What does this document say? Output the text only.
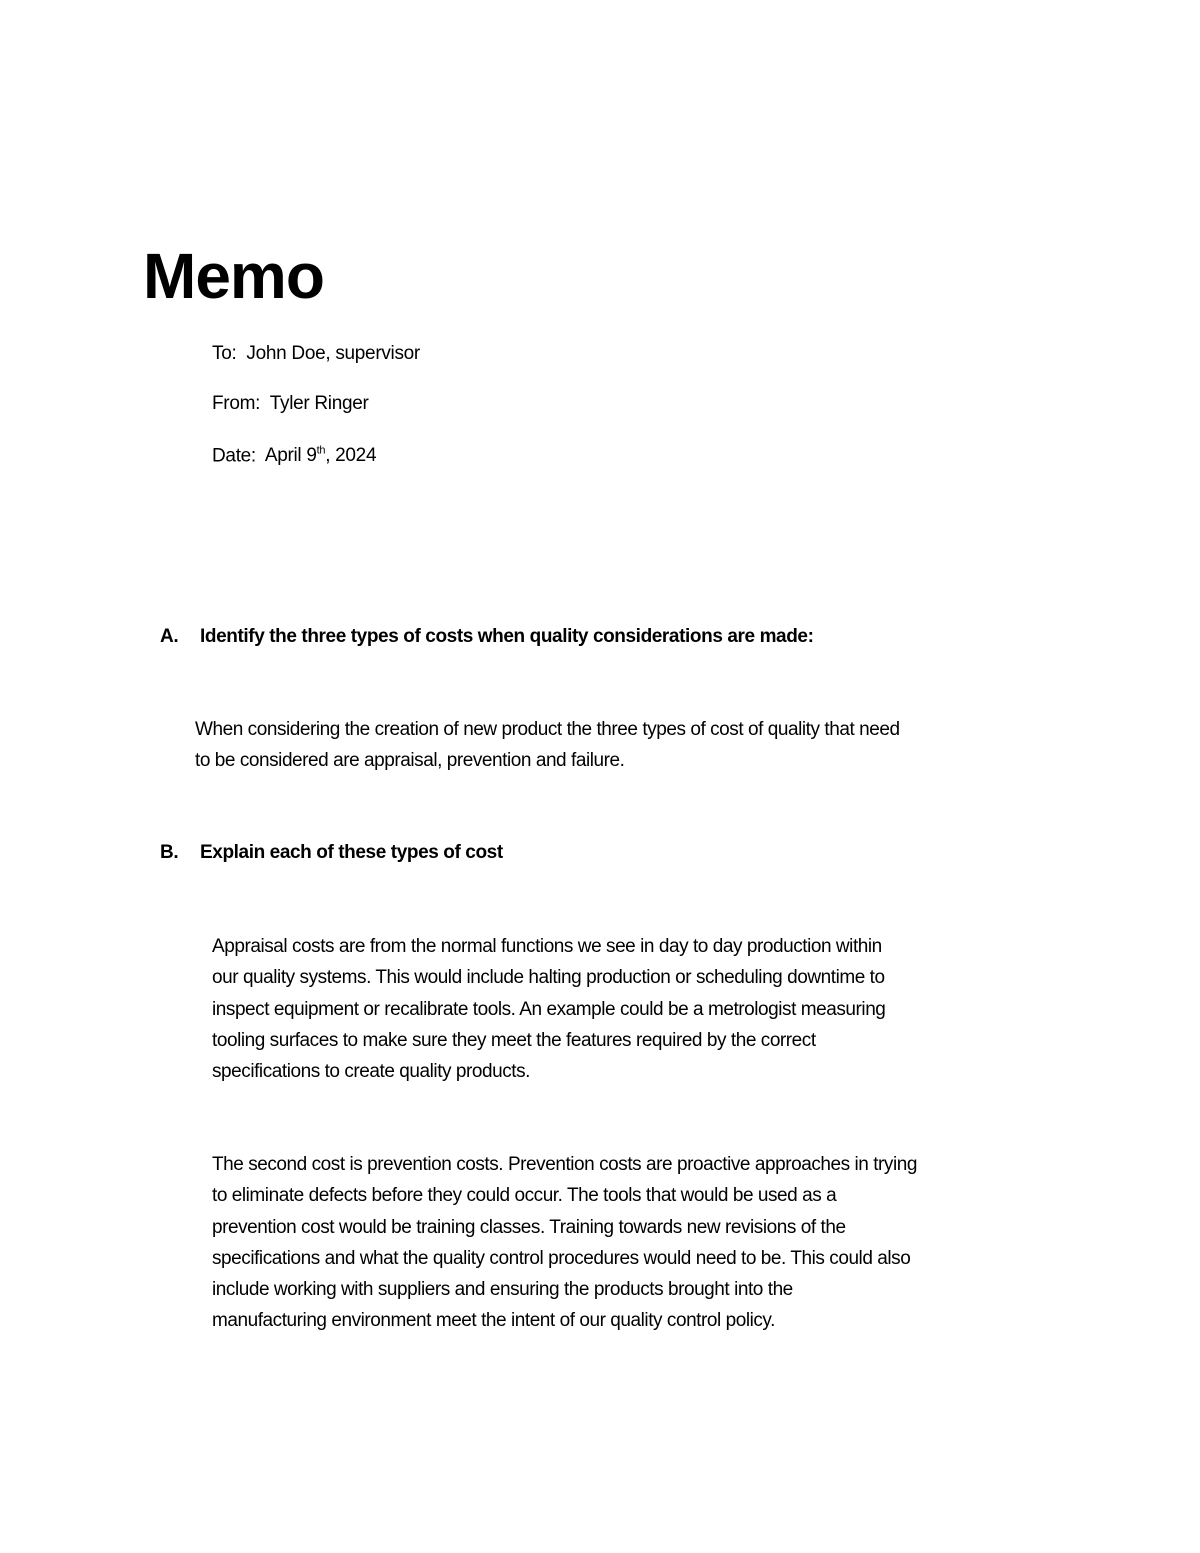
Memo
To: John Doe, supervisor
From: Tyler Ringer
Date: April 9th, 2024
A. Identify the three types of costs when quality considerations are made:
When considering the creation of new product the three types of cost of quality that need
to be considered are appraisal, prevention and failure.
B. Explain each of these types of cost
Appraisal costs are from the normal functions we see in day to day production within
our quality systems. This would include halting production or scheduling downtime to
inspect equipment or recalibrate tools. An example could be a metrologist measuring
tooling surfaces to make sure they meet the features required by the correct
specifications to create quality products.
The second cost is prevention costs. Prevention costs are proactive approaches in trying
to eliminate defects before they could occur. The tools that would be used as a
prevention cost would be training classes. Training towards new revisions of the
specifications and what the quality control procedures would need to be. This could also
include working with suppliers and ensuring the products brought into the
manufacturing environment meet the intent of our quality control policy.
